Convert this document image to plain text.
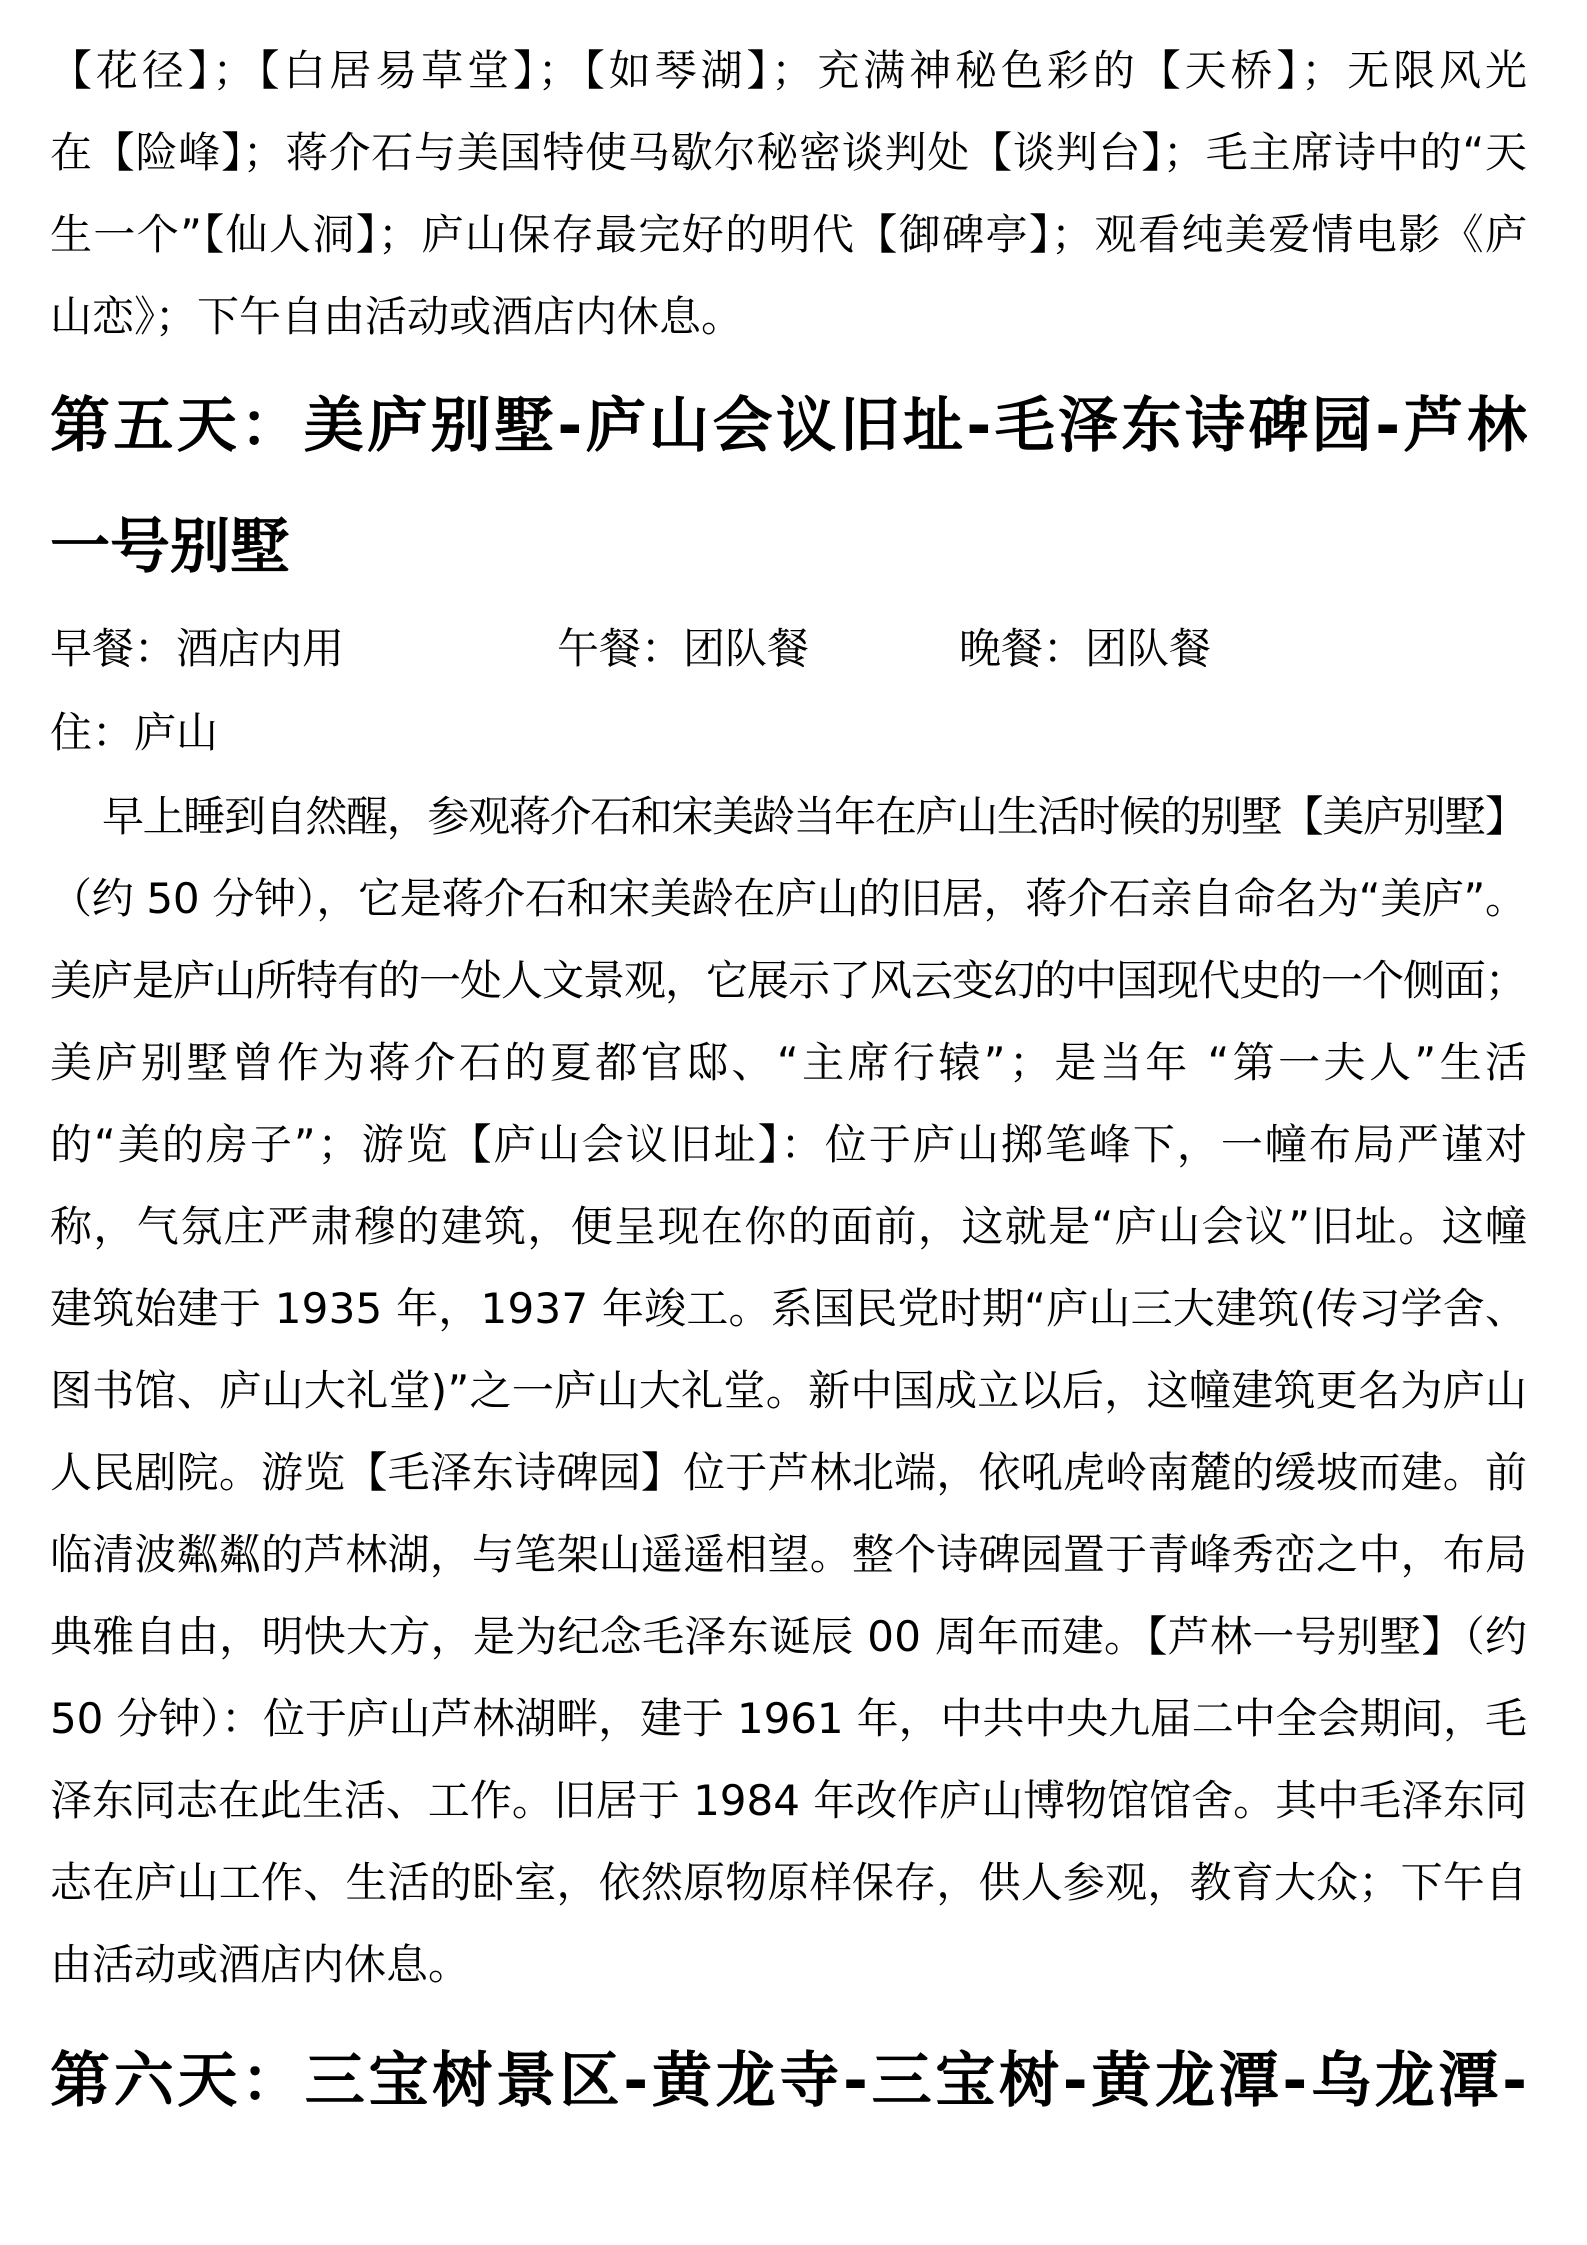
【花径】；【白居易草堂】；【如琴湖】；充满神秘色彩的【天桥】；无限风光
在【险峰】；蒋介石与美国特使马歇尔秘密谈判处【谈判台】；毛主席诗中的“天
生一个”【仙人洞】；庐山保存最完好的明代【御碑亭】；观看纯美爱情电影《庐
山恋》；下午自由活动或酒店内休息。
第五天：美庐别墅-庐山会议旧址-毛泽东诗碑园-芦林
一号别墅
早餐：酒店内用	午餐：团队餐	晚餐：团队餐
住：庐山
早上睡到自然醒，参观蒋介石和宋美龄当年在庐山生活时候的别墅【美庐别墅】
（约 50 分钟），它是蒋介石和宋美龄在庐山的旧居，蒋介石亲自命名为“美庐”。
美庐是庐山所特有的一处人文景观，它展示了风云变幻的中国现代史的一个侧面；
美庐别墅曾作为蒋介石的夏都官邸、“主席行辕”；是当年 “第一夫人”生活
的“美的房子”；游览【庐山会议旧址】：位于庐山掷笔峰下，一幢布局严谨对
称，气氛庄严肃穆的建筑，便呈现在你的面前，这就是“庐山会议”旧址。这幢
建筑始建于 1935 年，1937 年竣工。系国民党时期“庐山三大建筑(传习学舍、
图书馆、庐山大礼堂)”之一庐山大礼堂。新中国成立以后，这幢建筑更名为庐山
人民剧院。游览【毛泽东诗碑园】位于芦林北端，依吼虎岭南麓的缓坡而建。前
临清波粼粼的芦林湖，与笔架山遥遥相望。整个诗碑园置于青峰秀峦之中，布局
典雅自由，明快大方，是为纪念毛泽东诞辰 00 周年而建。【芦林一号别墅】（约
50 分钟）：位于庐山芦林湖畔，建于 1961 年，中共中央九届二中全会期间，毛
泽东同志在此生活、工作。旧居于 1984 年改作庐山博物馆馆舍。其中毛泽东同
志在庐山工作、生活的卧室，依然原物原样保存，供人参观，教育大众；下午自
由活动或酒店内休息。
第六天：三宝树景区-黄龙寺-三宝树-黄龙潭-乌龙潭-
